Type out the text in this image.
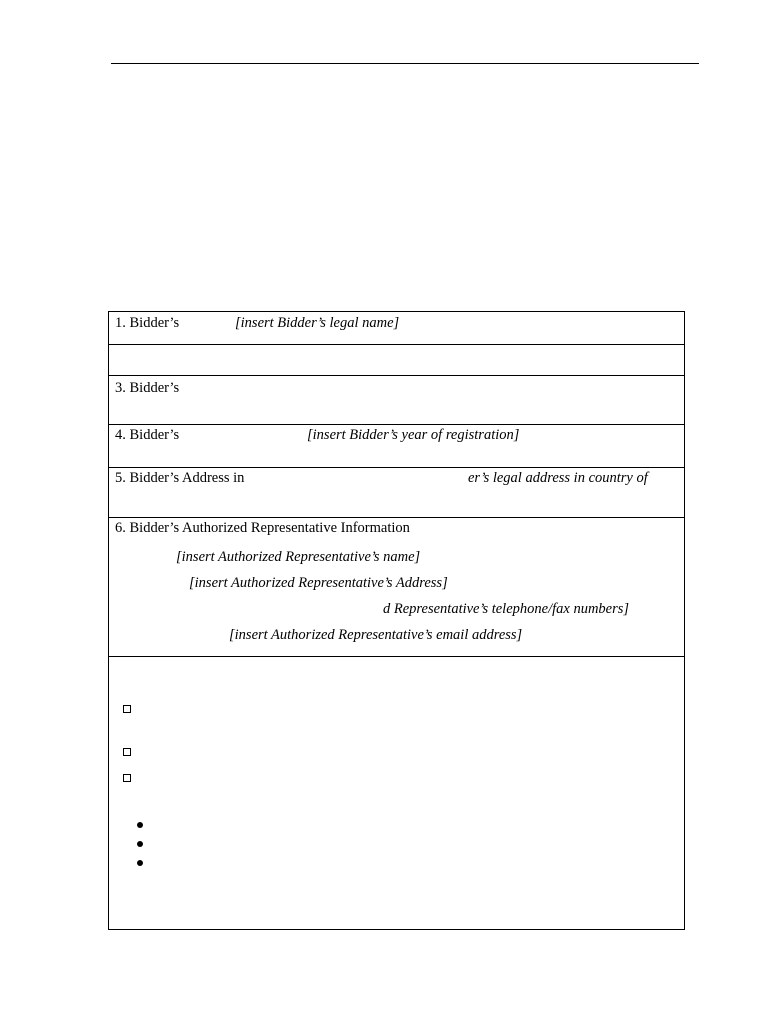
1. Bidder’s	[insert Bidder’s legal name]
3. Bidder’s
4. Bidder’s	[insert Bidder’s year of registration]
5. Bidder’s Address in	er’s legal address in country of
6. Bidder’s Authorized Representative Information
[insert Authorized Representative’s name]
[insert Authorized Representative’s Address]
d Representative’s telephone/fax numbers]
[insert Authorized Representative’s email address]
